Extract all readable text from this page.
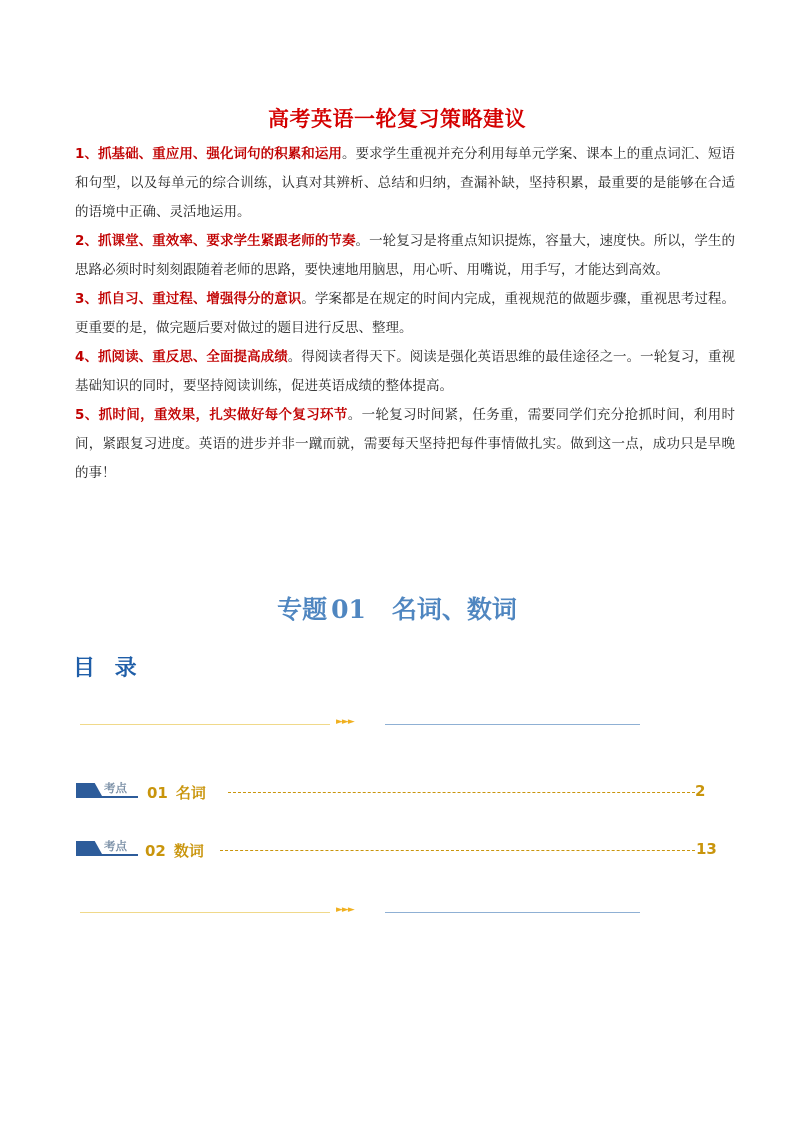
高考英语一轮复习策略建议

1、抓基础、重应用、强化词句的积累和运用。要求学生重视并充分利用每单元学案、课本上的重点词汇、短语和句型，以及每单元的综合训练，认真对其辨析、总结和归纳，查漏补缺，坚持积累，最重要的是能够在合适的语境中正确、灵活地运用。

2、抓课堂、重效率、要求学生紧跟老师的节奏。一轮复习是将重点知识提炼，容量大，速度快。所以，学生的思路必须时时刻刻跟随着老师的思路，要快速地用脑思，用心听、用嘴说，用手写，才能达到高效。

3、抓自习、重过程、增强得分的意识。学案都是在规定的时间内完成，重视规范的做题步骤，重视思考过程。更重要的是，做完题后要对做过的题目进行反思、整理。

4、抓阅读、重反思、全面提高成绩。得阅读者得天下。阅读是强化英语思维的最佳途径之一。一轮复习，重视基础知识的同时，要坚持阅读训练，促进英语成绩的整体提高。

5、抓时间，重效果，扎实做好每个复习环节。一轮复习时间紧，任务重，需要同学们充分抢抓时间，利用时间，紧跟复习进度。英语的进步并非一蹴而就，需要每天坚持把每件事情做扎实。做到这一点，成功只是早晚的事！

专题 01 名词、数词
目 录
►►►
考点 01 名词	2
考点 02 数词	13
►►►
